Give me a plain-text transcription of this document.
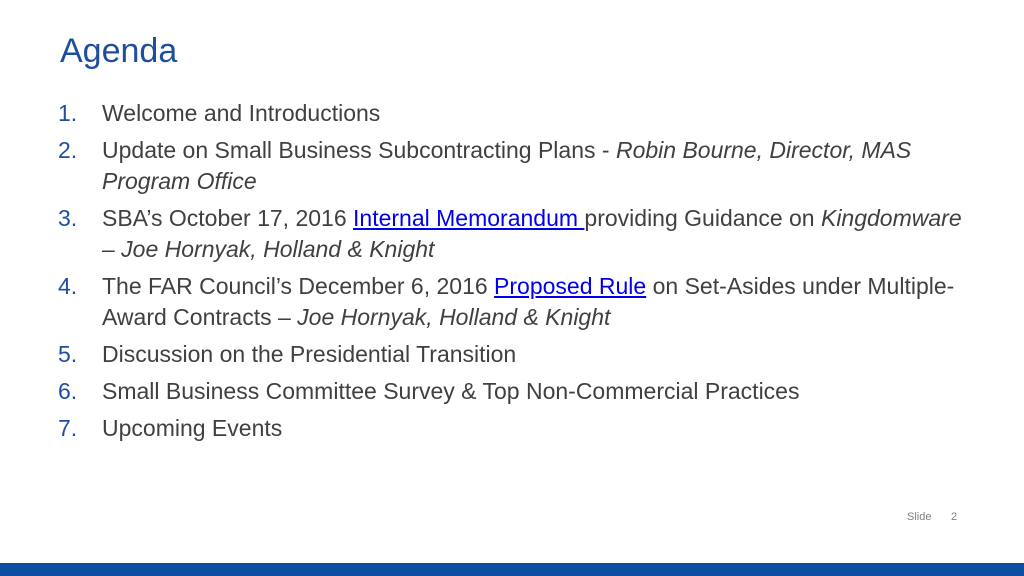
Agenda
1.	Welcome and Introductions
2.	Update on Small Business Subcontracting Plans - Robin Bourne, Director, MAS Program Office
3.	SBA’s October 17, 2016 Internal Memorandum providing Guidance on Kingdomware – Joe Hornyak, Holland & Knight
4.	The FAR Council’s December 6, 2016 Proposed Rule on Set-Asides under Multiple-Award Contracts – Joe Hornyak, Holland & Knight
5.	Discussion on the Presidential Transition
6.	Small Business Committee Survey & Top Non-Commercial Practices
7.	Upcoming Events
Slide 2
